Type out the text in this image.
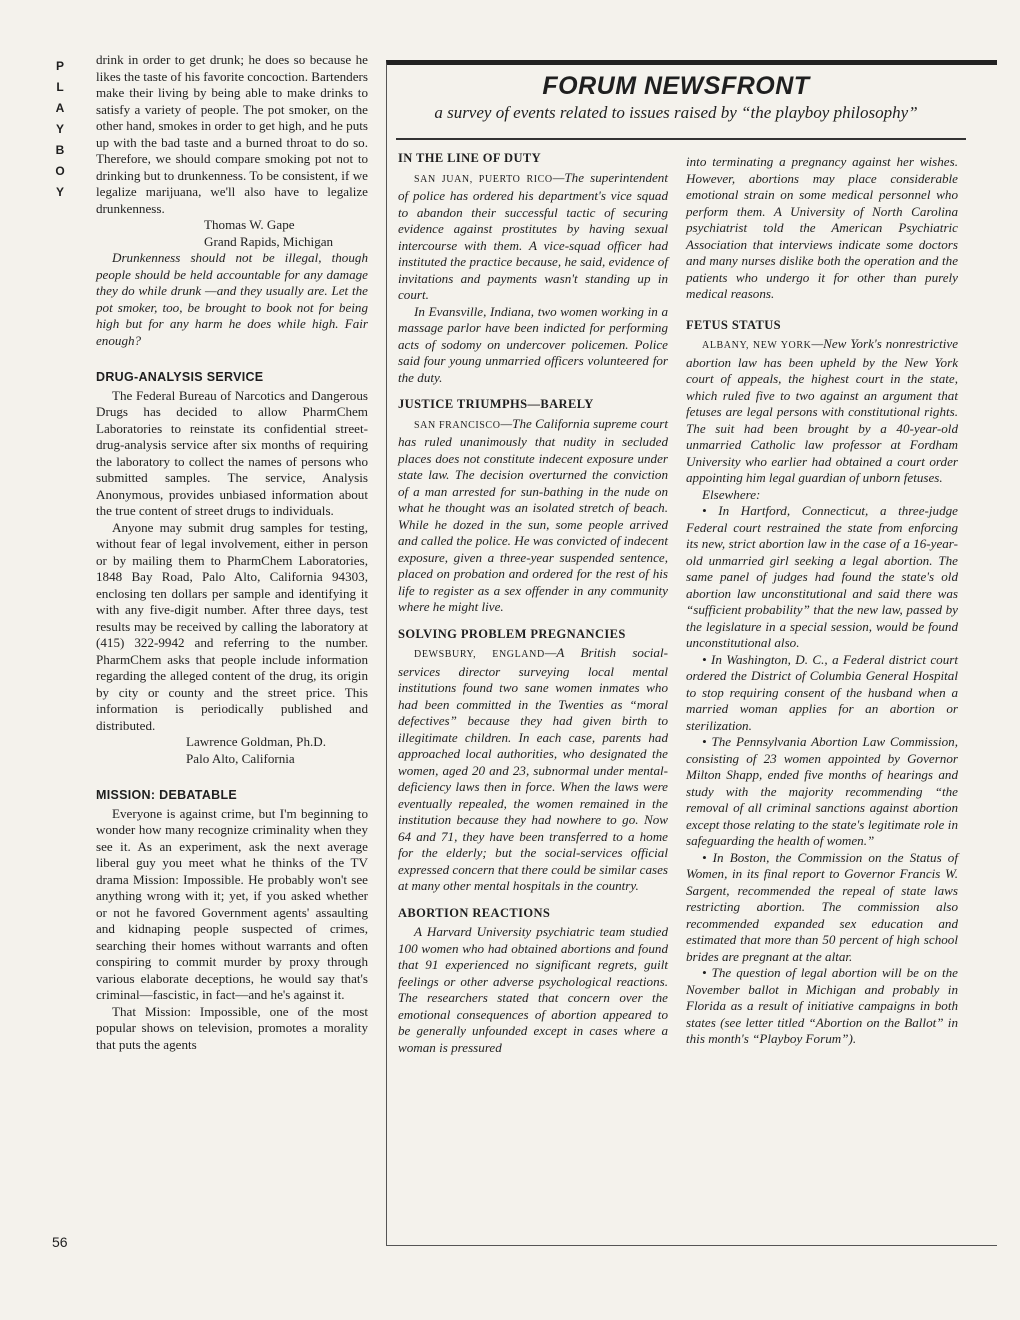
P
L
A
Y
B
O
Y
56

drink in order to get drunk; he does so because he likes the taste of his favorite concoction. Bartenders make their living by being able to make drinks to satisfy a variety of people. The pot smoker, on the other hand, smokes in order to get high, and he puts up with the bad taste and a burned throat to do so. Therefore, we should compare smoking pot not to drinking but to drunkenness. To be consistent, if we legalize marijuana, we'll also have to legalize drunkenness.

Thomas W. Gape

Grand Rapids, Michigan

Drunkenness should not be illegal, though people should be held accountable for any damage they do while drunk —and they usually are. Let the pot smoker, too, be brought to book not for being high but for any harm he does while high. Fair enough?

DRUG-ANALYSIS SERVICE

The Federal Bureau of Narcotics and Dangerous Drugs has decided to allow PharmChem Laboratories to reinstate its confidential street-drug-analysis service after six months of requiring the laboratory to collect the names of persons who submitted samples. The service, Analysis Anonymous, provides unbiased information about the true content of street drugs to individuals.

Anyone may submit drug samples for testing, without fear of legal involvement, either in person or by mailing them to PharmChem Laboratories, 1848 Bay Road, Palo Alto, California 94303, enclosing ten dollars per sample and identifying it with any five-digit number. After three days, test results may be received by calling the laboratory at (415) 322-9942 and referring to the number. PharmChem asks that people include information regarding the alleged content of the drug, its origin by city or county and the street price. This information is periodically published and distributed.

Lawrence Goldman, Ph.D.

Palo Alto, California

MISSION: DEBATABLE

Everyone is against crime, but I'm beginning to wonder how many recognize criminality when they see it. As an experiment, ask the next average liberal guy you meet what he thinks of the TV drama Mission: Impossible. He probably won't see anything wrong with it; yet, if you asked whether or not he favored Government agents' assaulting and kidnaping people suspected of crimes, searching their homes without warrants and often conspiring to commit murder by proxy through various elaborate deceptions, he would say that's criminal—fascistic, in fact—and he's against it.

That Mission: Impossible, one of the most popular shows on television, promotes a morality that puts the agents

FORUM NEWSFRONT
a survey of events related to issues raised by “the playboy philosophy”

IN THE LINE OF DUTY

SAN JUAN, PUERTO RICO—The superintendent of police has ordered his department's vice squad to abandon their successful tactic of securing evidence against prostitutes by having sexual intercourse with them. A vice-squad officer had instituted the practice because, he said, evidence of invitations and payments wasn't standing up in court.

In Evansville, Indiana, two women working in a massage parlor have been indicted for performing acts of sodomy on undercover policemen. Police said four young unmarried officers volunteered for the duty.

JUSTICE TRIUMPHS—BARELY

SAN FRANCISCO—The California supreme court has ruled unanimously that nudity in secluded places does not constitute indecent exposure under state law. The decision overturned the conviction of a man arrested for sun-bathing in the nude on what he thought was an isolated stretch of beach. While he dozed in the sun, some people arrived and called the police. He was convicted of indecent exposure, given a three-year suspended sentence, placed on probation and ordered for the rest of his life to register as a sex offender in any community where he might live.

SOLVING PROBLEM PREGNANCIES

DEWSBURY, ENGLAND—A British social-services director surveying local mental institutions found two sane women inmates who had been committed in the Twenties as “moral defectives” because they had given birth to illegitimate children. In each case, parents had approached local authorities, who designated the women, aged 20 and 23, subnormal under mental-deficiency laws then in force. When the laws were eventually repealed, the women remained in the institution because they had nowhere to go. Now 64 and 71, they have been transferred to a home for the elderly; but the social-services official expressed concern that there could be similar cases at many other mental hospitals in the country.

ABORTION REACTIONS

A Harvard University psychiatric team studied 100 women who had obtained abortions and found that 91 experienced no significant regrets, guilt feelings or other adverse psychological reactions. The researchers stated that concern over the emotional consequences of abortion appeared to be generally unfounded except in cases where a woman is pressured

into terminating a pregnancy against her wishes. However, abortions may place considerable emotional strain on some medical personnel who perform them. A University of North Carolina psychiatrist told the American Psychiatric Association that interviews indicate some doctors and many nurses dislike both the operation and the patients who undergo it for other than purely medical reasons.

FETUS STATUS

ALBANY, NEW YORK—New York's nonrestrictive abortion law has been upheld by the New York court of appeals, the highest court in the state, which ruled five to two against an argument that fetuses are legal persons with constitutional rights. The suit had been brought by a 40-year-old unmarried Catholic law professor at Fordham University who earlier had obtained a court order appointing him legal guardian of unborn fetuses.

Elsewhere:

• In Hartford, Connecticut, a three-judge Federal court restrained the state from enforcing its new, strict abortion law in the case of a 16-year-old unmarried girl seeking a legal abortion. The same panel of judges had found the state's old abortion law unconstitutional and said there was “sufficient probability” that the new law, passed by the legislature in a special session, would be found unconstitutional also.

• In Washington, D. C., a Federal district court ordered the District of Columbia General Hospital to stop requiring consent of the husband when a married woman applies for an abortion or sterilization.

• The Pennsylvania Abortion Law Commission, consisting of 23 women appointed by Governor Milton Shapp, ended five months of hearings and study with the majority recommending “the removal of all criminal sanctions against abortion except those relating to the state's legitimate role in safeguarding the health of women.”

• In Boston, the Commission on the Status of Women, in its final report to Governor Francis W. Sargent, recommended the repeal of state laws restricting abortion. The commission also recommended expanded sex education and estimated that more than 50 percent of high school brides are pregnant at the altar.

• The question of legal abortion will be on the November ballot in Michigan and probably in Florida as a result of initiative campaigns in both states (see letter titled “Abortion on the Ballot” in this month's “Playboy Forum”).
